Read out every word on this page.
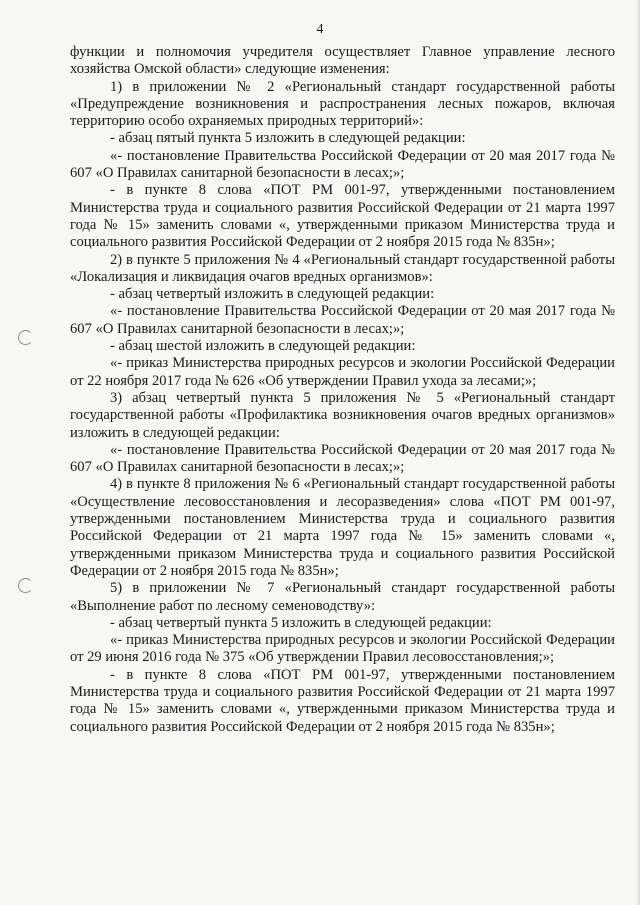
4

функции и полномочия учредителя осуществляет Главное управление лесного хозяйства Омской области» следующие изменения:

1) в приложении № 2 «Региональный стандарт государственной работы «Предупреждение возникновения и распространения лесных пожаров, включая территорию особо охраняемых природных территорий»:

- абзац пятый пункта 5 изложить в следующей редакции:

«- постановление Правительства Российской Федерации от 20 мая 2017 года № 607 «О Правилах санитарной безопасности в лесах;»;

- в пункте 8 слова «ПОТ РМ 001-97, утвержденными постановлением Министерства труда и социального развития Российской Федерации от 21 марта 1997 года № 15» заменить словами «, утвержденными приказом Министерства труда и социального развития Российской Федерации от 2 ноября 2015 года № 835н»;

2) в пункте 5 приложения № 4 «Региональный стандарт государственной работы «Локализация и ликвидация очагов вредных организмов»:

- абзац четвертый изложить в следующей редакции:

«- постановление Правительства Российской Федерации от 20 мая 2017 года № 607 «О Правилах санитарной безопасности в лесах;»;

- абзац шестой изложить в следующей редакции:

«- приказ Министерства природных ресурсов и экологии Российской Федерации от 22 ноября 2017 года № 626 «Об утверждении Правил ухода за лесами;»;

3) абзац четвертый пункта 5 приложения № 5 «Региональный стандарт государственной работы «Профилактика возникновения очагов вредных организмов» изложить в следующей редакции:

«- постановление Правительства Российской Федерации от 20 мая 2017 года № 607 «О Правилах санитарной безопасности в лесах;»;

4) в пункте 8 приложения № 6 «Региональный стандарт государственной работы «Осуществление лесовосстановления и лесоразведения» слова «ПОТ РМ 001-97, утвержденными постановлением Министерства труда и социального развития Российской Федерации от 21 марта 1997 года № 15» заменить словами «, утвержденными приказом Министерства труда и социального развития Российской Федерации от 2 ноября 2015 года № 835н»;

5) в приложении № 7 «Региональный стандарт государственной работы «Выполнение работ по лесному семеноводству»:

- абзац четвертый пункта 5 изложить в следующей редакции:

«- приказ Министерства природных ресурсов и экологии Российской Федерации от 29 июня 2016 года № 375 «Об утверждении Правил лесовосстановления;»;

- в пункте 8 слова «ПОТ РМ 001-97, утвержденными постановлением Министерства труда и социального развития Российской Федерации от 21 марта 1997 года № 15» заменить словами «, утвержденными приказом Министерства труда и социального развития Российской Федерации от 2 ноября 2015 года № 835н»;
